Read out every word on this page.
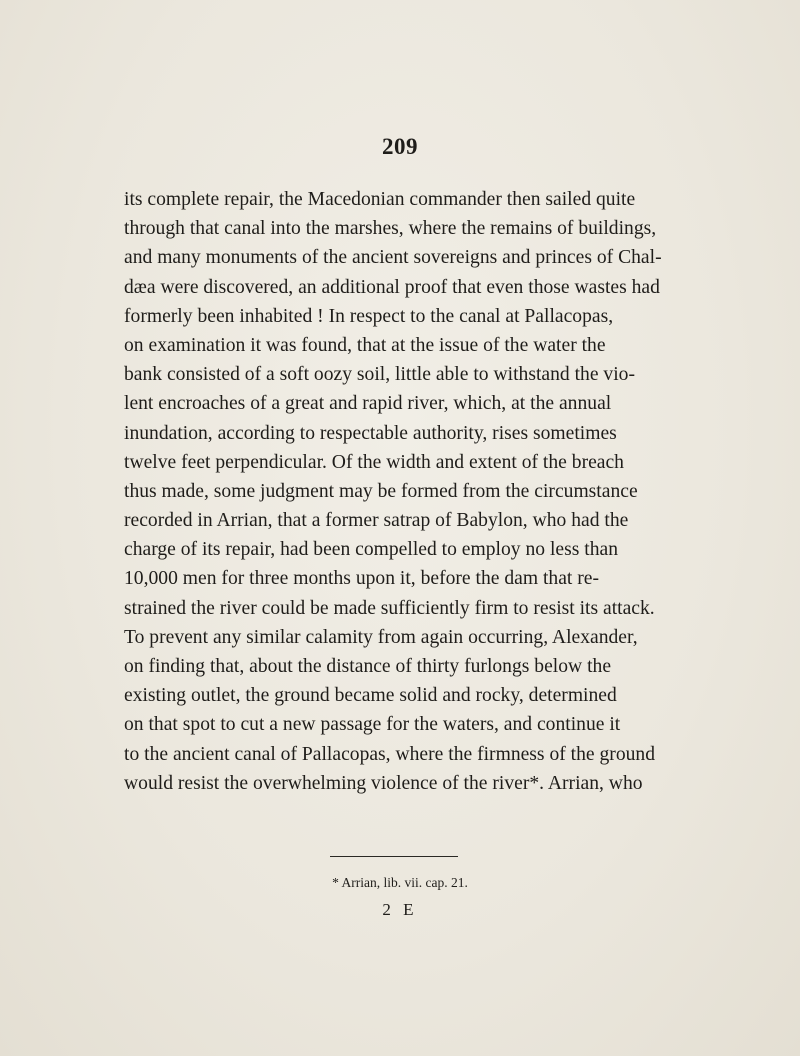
209
its complete repair, the Macedonian commander then sailed quite
through that canal into the marshes, where the remains of buildings,
and many monuments of the ancient sovereigns and princes of Chal-
dæa were discovered, an additional proof that even those wastes had
formerly been inhabited ! In respect to the canal at Pallacopas,
on examination it was found, that at the issue of the water the
bank consisted of a soft oozy soil, little able to withstand the vio-
lent encroaches of a great and rapid river, which, at the annual
inundation, according to respectable authority, rises sometimes
twelve feet perpendicular. Of the width and extent of the breach
thus made, some judgment may be formed from the circumstance
recorded in Arrian, that a former satrap of Babylon, who had the
charge of its repair, had been compelled to employ no less than
10,000 men for three months upon it, before the dam that re-
strained the river could be made sufficiently firm to resist its attack.
To prevent any similar calamity from again occurring, Alexander,
on finding that, about the distance of thirty furlongs below the
existing outlet, the ground became solid and rocky, determined
on that spot to cut a new passage for the waters, and continue it
to the ancient canal of Pallacopas, where the firmness of the ground
would resist the overwhelming violence of the river*. Arrian, who
* Arrian, lib. vii. cap. 21.
2 E
